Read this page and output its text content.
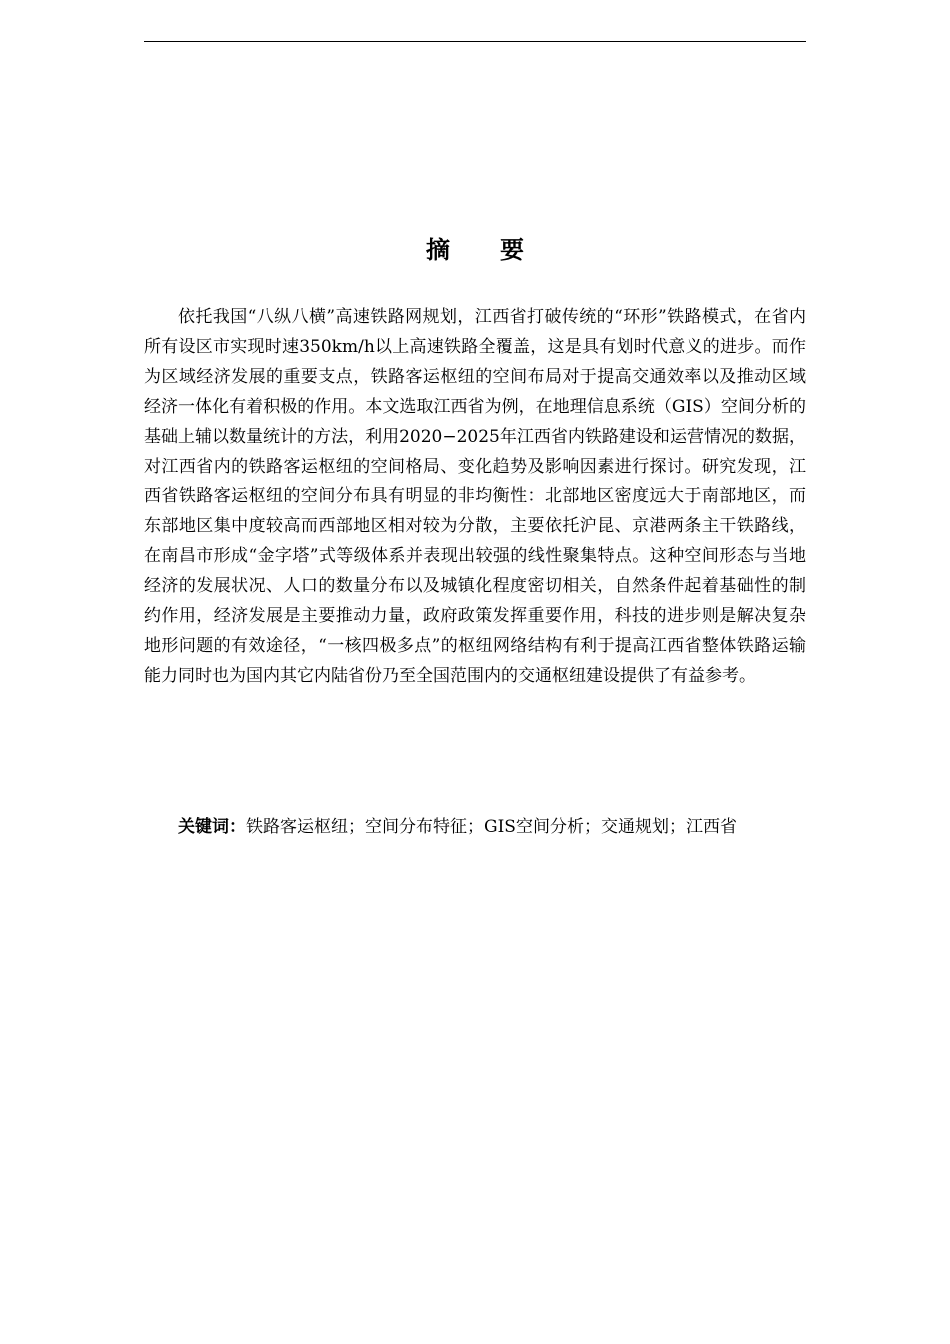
摘 要

依托我国“八纵八横”高速铁路网规划，江西省打破传统的“环形”铁路模式，在省内所有设区市实现时速350km/h以上高速铁路全覆盖，这是具有划时代意义的进步。而作为区域经济发展的重要支点，铁路客运枢纽的空间布局对于提高交通效率以及推动区域经济一体化有着积极的作用。本文选取江西省为例，在地理信息系统（GIS）空间分析的基础上辅以数量统计的方法，利用2020−2025年江西省内铁路建设和运营情况的数据，对江西省内的铁路客运枢纽的空间格局、变化趋势及影响因素进行探讨。研究发现，江西省铁路客运枢纽的空间分布具有明显的非均衡性：北部地区密度远大于南部地区，而东部地区集中度较高而西部地区相对较为分散，主要依托沪昆、京港两条主干铁路线，在南昌市形成“金字塔”式等级体系并表现出较强的线性聚集特点。这种空间形态与当地经济的发展状况、人口的数量分布以及城镇化程度密切相关，自然条件起着基础性的制约作用，经济发展是主要推动力量，政府政策发挥重要作用，科技的进步则是解决复杂地形问题的有效途径，“一核四极多点”的枢纽网络结构有利于提高江西省整体铁路运输能力同时也为国内其它内陆省份乃至全国范围内的交通枢纽建设提供了有益参考。

关键词：铁路客运枢纽；空间分布特征；GIS空间分析；交通规划；江西省
